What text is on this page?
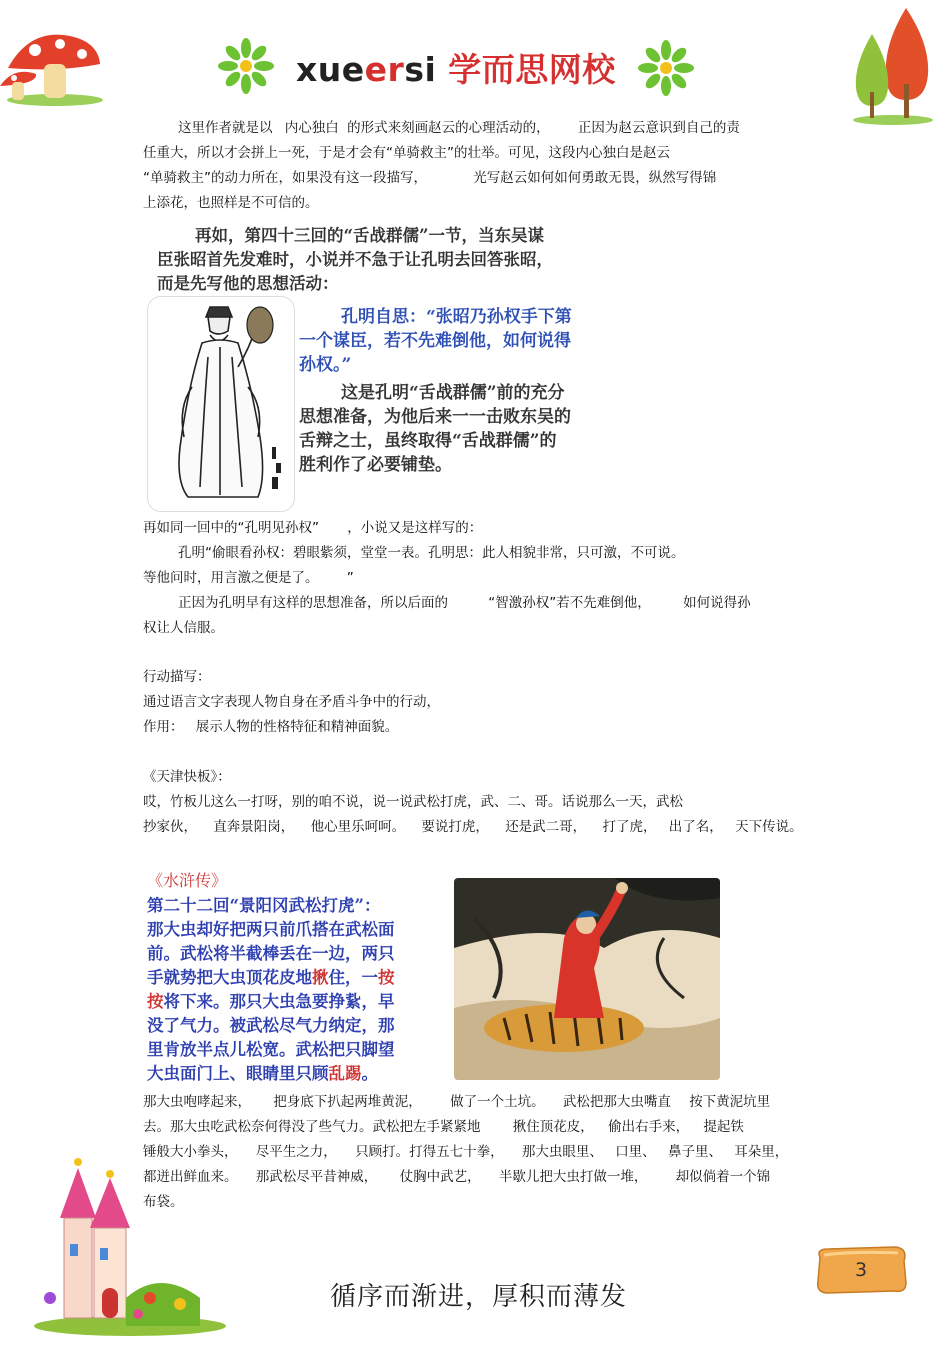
xueersi 学而思网校
这里作者就是以 内心独白 的形式来刻画赵云的心理活动的， 正因为赵云意识到自己的责
任重大，所以才会拼上一死，于是才会有“单骑救主”的壮举。可见，这段内心独白是赵云
“单骑救主”的动力所在，如果没有这一段描写，	光写赵云如何如何勇敢无畏，纵然写得锦
上添花，也照样是不可信的。
再如，第四十三回的“舌战群儒”一节，当东吴谋
臣张昭首先发难时，小说并不急于让孔明去回答张昭，
而是先写他的思想活动：
孔明自思：“张昭乃孙权手下第
一个谋臣，若不先难倒他，如何说得
孙权。”
这是孔明“舌战群儒”前的充分
思想准备，为他后来一一击败东吴的
舌辩之士，虽终取得“舌战群儒”的
胜利作了必要铺垫。
再如同一回中的“孔明见孙权” ，小说又是这样写的：
孔明“偷眼看孙权：碧眼紫须，堂堂一表。孔明思：此人相貌非常，只可激，不可说。
等他问时，用言激之便是了。 ”
正因为孔明早有这样的思想准备，所以后面的	“智激孙权”若不先难倒他， 如何说得孙
权让人信服。
行动描写：
通过语言文字表现人物自身在矛盾斗争中的行动，
作用： 展示人物的性格特征和精神面貌。
《天津快板》：
哎，竹板儿这么一打呀，别的咱不说，说一说武松打虎，武、二、哥。话说那么一天，武松
抄家伙， 直奔景阳岗， 他心里乐呵呵。 要说打虎， 还是武二哥， 打了虎， 出了名， 天下传说。
《水浒传》
第二十二回“景阳冈武松打虎”：
那大虫却好把两只前爪搭在武松面
前。武松将半截棒丢在一边，两只
手就势把大虫顶花皮地揪住，一按
按将下来。那只大虫急要挣紥，早
没了气力。被武松尽气力纳定，那
里肯放半点儿松宽。武松把只脚望
大虫面门上、眼睛里只顾乱踢。
那大虫咆哮起来， 把身底下扒起两堆黄泥， 做了一个土坑。 武松把那大虫嘴直 按下黄泥坑里
去。那大虫吃武松奈何得没了些气力。武松把左手紧紧地 揪住顶花皮， 偷出右手来， 提起铁
锤般大小拳头， 尽平生之力， 只顾打。打得五七十拳， 那大虫眼里、 口里、 鼻子里、 耳朵里，
都迸出鲜血来。 那武松尽平昔神威， 仗胸中武艺， 半歇儿把大虫打做一堆， 却似倘着一个锦
布袋。
循序而渐进，厚积而薄发
3
